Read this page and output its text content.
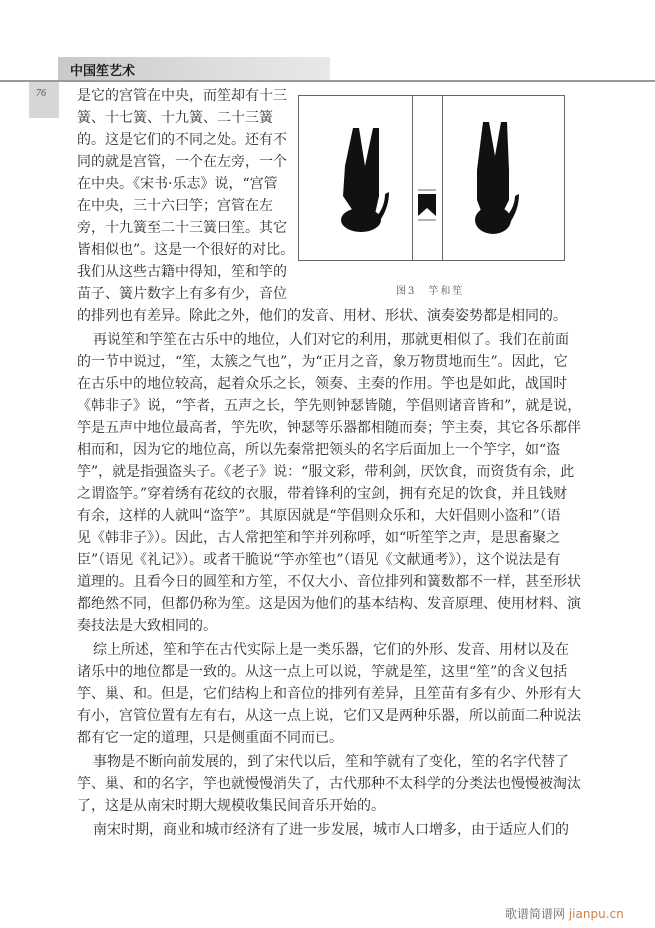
中国笙艺术
76 是它的宫管在中央，而笙却有十三
簧、十七簧、十九簧、二十三簧
的。这是它们的不同之处。还有不
同的就是宫管，一个在左旁，一个
在中央。《宋书·乐志》说，“宫管
在中央，三十六曰竽；宫管在左
旁，十九簧至二十三簧曰笙。其它
皆相似也”。这是一个很好的对比。
我们从这些古籍中得知，笙和竽的
苗子、簧片数字上有多有少，音位
的排列也有差异。除此之外，他们的发音、用材、形状、演奏姿势都是相同的。
再说笙和竽笙在古乐中的地位，人们对它的利用，那就更相似了。我们在前面
的一节中说过，“笙，太簇之气也”，为“正月之音，象万物贯地而生”。因此，它
在古乐中的地位较高，起着众乐之长，领奏、主奏的作用。竽也是如此，战国时
《韩非子》说，“竽者，五声之长，竽先则钟瑟皆随，竽倡则诸音皆和”，就是说，
竽是五声中地位最高者，竽先吹，钟瑟等乐器都相随而奏；竽主奏，其它各乐都伴
相而和，因为它的地位高，所以先秦常把领头的名字后面加上一个竽字，如“盗
竽”，就是指强盗头子。《老子》说：“服文彩，带利剑，厌饮食，而资货有余，此
之谓盗竽。”穿着绣有花纹的衣服，带着锋利的宝剑，拥有充足的饮食，并且钱财
有余，这样的人就叫“盗竽”。其原因就是“竽倡则众乐和，大奸倡则小盗和”（语
见《韩非子》）。因此，古人常把笙和竽并列称呼，如“听笙竽之声，是思畜聚之
臣”（语见《礼记》）。或者干脆说“竽亦笙也”（语见《文献通考》），这个说法是有
道理的。且看今日的圆笙和方笙，不仅大小、音位排列和簧数都不一样，甚至形状
都绝然不同，但都仍称为笙。这是因为他们的基本结构、发音原理、使用材料、演
奏技法是大致相同的。
综上所述，笙和竽在古代实际上是一类乐器，它们的外形、发音、用材以及在
诸乐中的地位都是一致的。从这一点上可以说，竽就是笙，这里“笙”的含义包括
竽、巢、和。但是，它们结构上和音位的排列有差异，且笙苗有多有少、外形有大
有小，宫管位置有左有右，从这一点上说，它们又是两种乐器，所以前面二种说法
都有它一定的道理，只是侧重面不同而已。
事物是不断向前发展的，到了宋代以后，笙和竽就有了变化，笙的名字代替了
竽、巢、和的名字，竽也就慢慢消失了，古代那种不太科学的分类法也慢慢被淘汰
了，这是从南宋时期大规模收集民间音乐开始的。
南宋时期，商业和城市经济有了进一步发展，城市人口增多，由于适应人们的
图3　竽和笙
歌谱简谱网 jianpu.cn
